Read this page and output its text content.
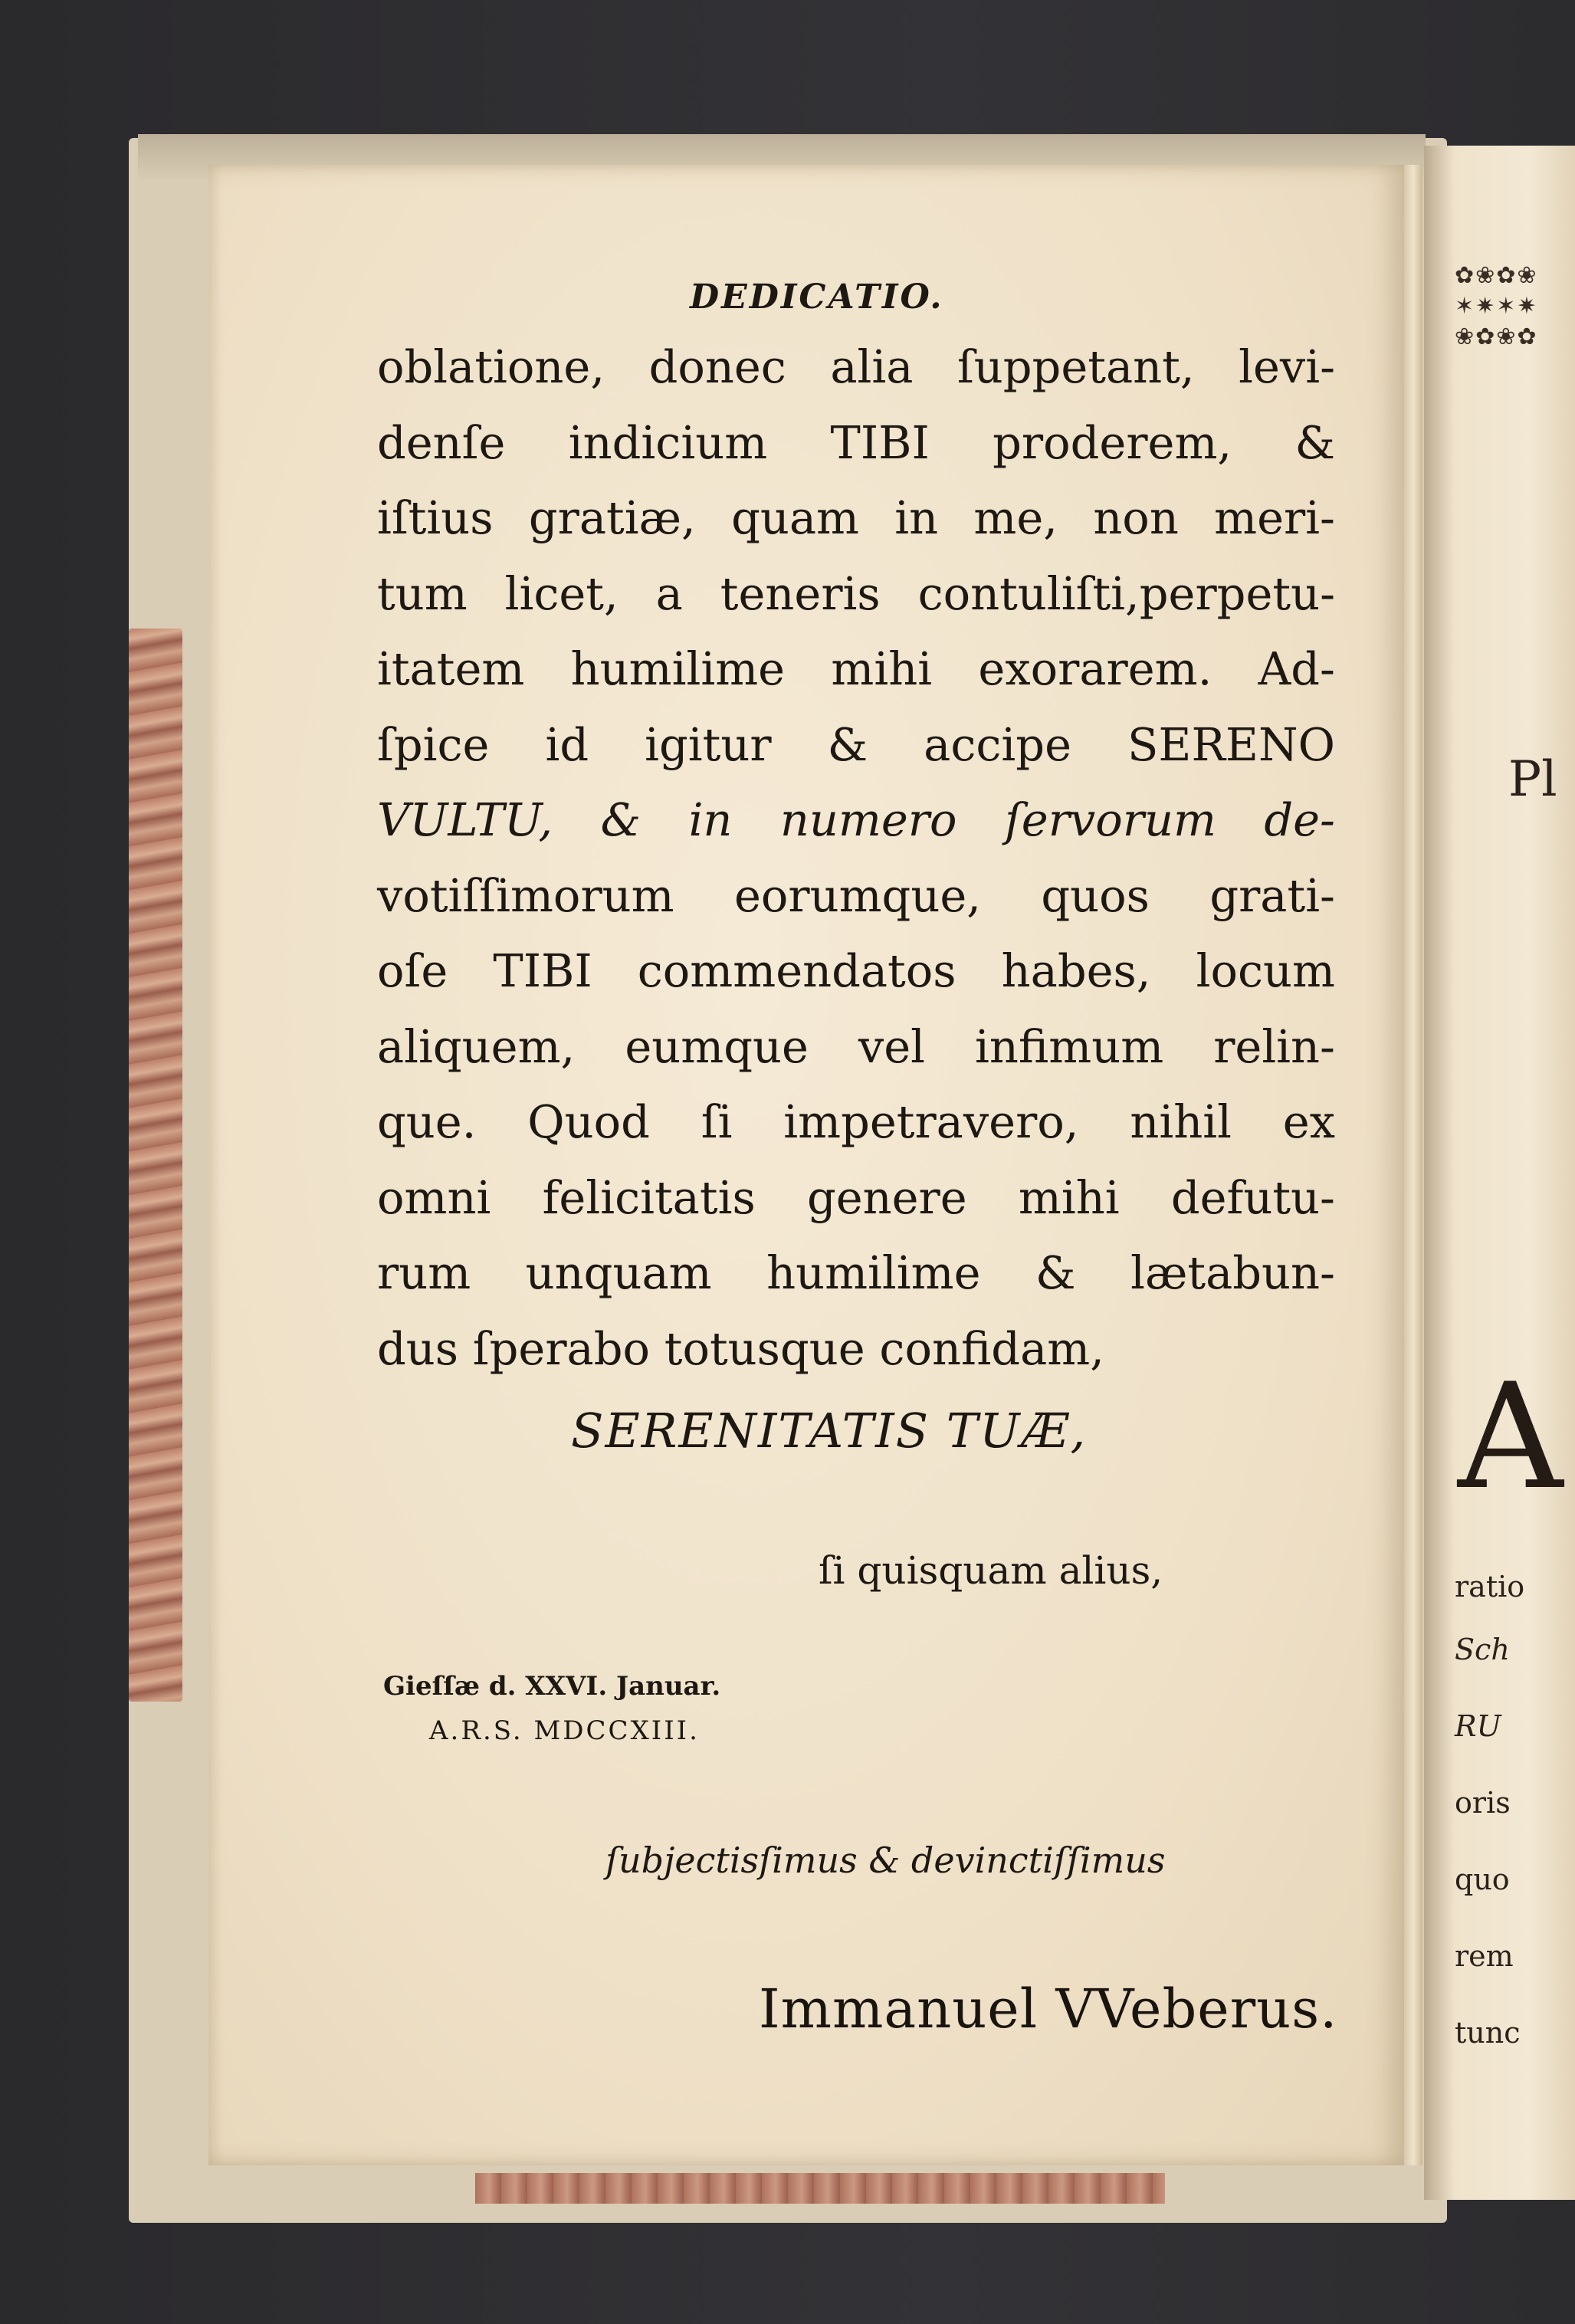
✿❀✿❀
✶✷✶✷
❀✿❀✿
Pl
A
ratio
Sch
RU
oris
quo
rem
tunc
DEDICATIO.
oblatione, donec alia ſuppetant, levi-
denſe indicium TIBI proderem, &
iſtius gratiæ, quam in me, non meri-
tum licet, a teneris contuliſti,perpetu-
itatem humilime mihi exorarem. Ad-
ſpice id igitur & accipe SERENO
VULTU, & in numero ſervorum de-
votiſſimorum eorumque, quos grati-
oſe TIBI commendatos habes, locum
aliquem, eumque vel infimum relin-
que. Quod ſi impetravero, nihil ex
omni felicitatis genere mihi defutu-
rum unquam humilime & lætabun-
dus ſperabo totusque confidam,
SERENITATIS TUÆ,
ſi quisquam alius,
Gieſſæ d. XXVI. Januar.
A.R.S. MDCCXIII.
ſubjectisſimus & devinctiſſimus
Immanuel VVeberus.
